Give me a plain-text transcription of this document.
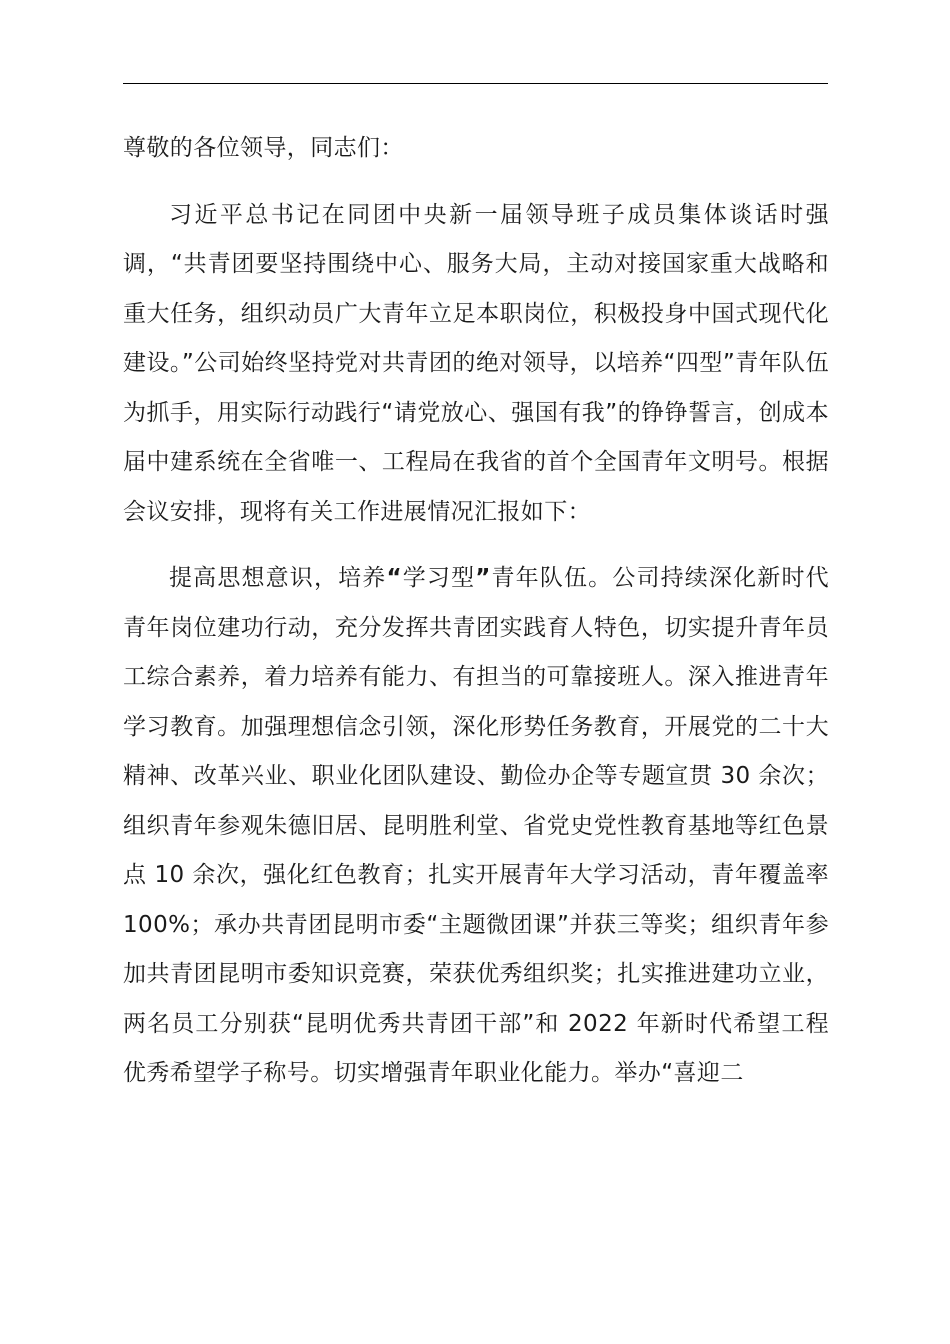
尊敬的各位领导，同志们：

习近平总书记在同团中央新一届领导班子成员集体谈话时强调，“共青团要坚持围绕中心、服务大局，主动对接国家重大战略和重大任务，组织动员广大青年立足本职岗位，积极投身中国式现代化建设。”公司始终坚持党对共青团的绝对领导，以培养“四型”青年队伍为抓手，用实际行动践行“请党放心、强国有我”的铮铮誓言，创成本届中建系统在全省唯一、工程局在我省的首个全国青年文明号。根据会议安排，现将有关工作进展情况汇报如下：

提高思想意识，培养“学习型”青年队伍。公司持续深化新时代青年岗位建功行动，充分发挥共青团实践育人特色，切实提升青年员工综合素养，着力培养有能力、有担当的可靠接班人。深入推进青年学习教育。加强理想信念引领，深化形势任务教育，开展党的二十大精神、改革兴业、职业化团队建设、勤俭办企等专题宣贯 30 余次；组织青年参观朱德旧居、昆明胜利堂、省党史党性教育基地等红色景点 10 余次，强化红色教育；扎实开展青年大学习活动，青年覆盖率 100%；承办共青团昆明市委“主题微团课”并获三等奖；组织青年参加共青团昆明市委知识竞赛，荣获优秀组织奖；扎实推进建功立业，两名员工分别获“昆明优秀共青团干部”和 2022 年新时代希望工程优秀希望学子称号。切实增强青年职业化能力。举办“喜迎二
